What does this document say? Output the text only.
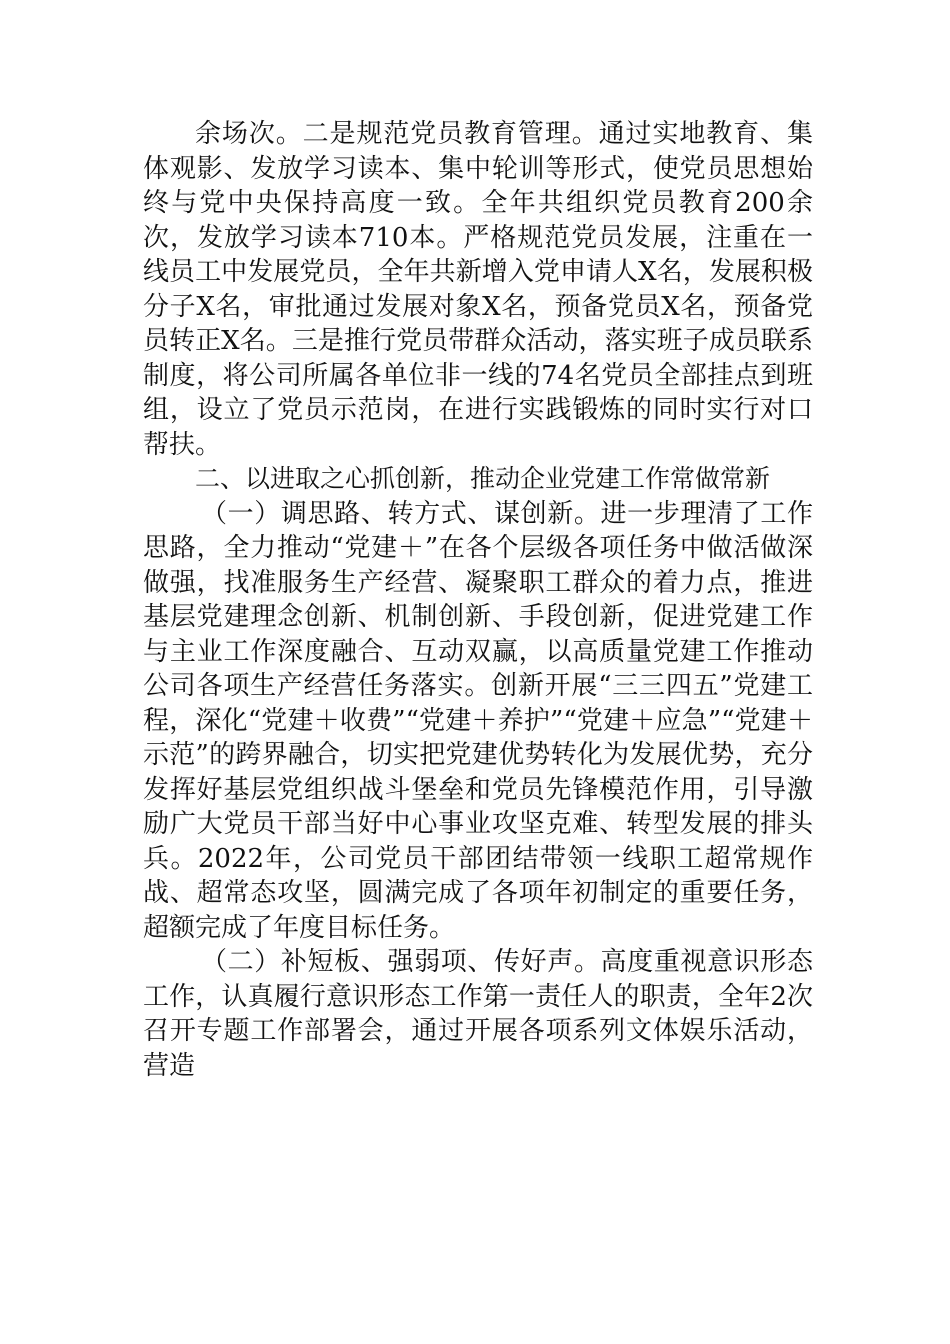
余场次。二是规范党员教育管理。通过实地教育、集体观影、发放学习读本、集中轮训等形式，使党员思想始终与党中央保持高度一致。全年共组织党员教育200余次，发放学习读本710本。严格规范党员发展，注重在一线员工中发展党员，全年共新增入党申请人X名，发展积极分子X名，审批通过发展对象X名，预备党员X名，预备党员转正X名。三是推行党员带群众活动，落实班子成员联系制度，将公司所属各单位非一线的74名党员全部挂点到班组，设立了党员示范岗，在进行实践锻炼的同时实行对口帮扶。

二、以进取之心抓创新，推动企业党建工作常做常新

（一）调思路、转方式、谋创新。进一步理清了工作思路，全力推动“党建＋”在各个层级各项任务中做活做深做强，找准服务生产经营、凝聚职工群众的着力点，推进基层党建理念创新、机制创新、手段创新，促进党建工作与主业工作深度融合、互动双赢，以高质量党建工作推动公司各项生产经营任务落实。创新开展“三三四五”党建工程，深化“党建＋收费”“党建＋养护”“党建＋应急”“党建＋示范”的跨界融合，切实把党建优势转化为发展优势，充分发挥好基层党组织战斗堡垒和党员先锋模范作用，引导激励广大党员干部当好中心事业攻坚克难、转型发展的排头兵。2022年，公司党员干部团结带领一线职工超常规作战、超常态攻坚，圆满完成了各项年初制定的重要任务，超额完成了年度目标任务。

（二）补短板、强弱项、传好声。高度重视意识形态工作，认真履行意识形态工作第一责任人的职责，全年2次召开专题工作部署会，通过开展各项系列文体娱乐活动，营造
